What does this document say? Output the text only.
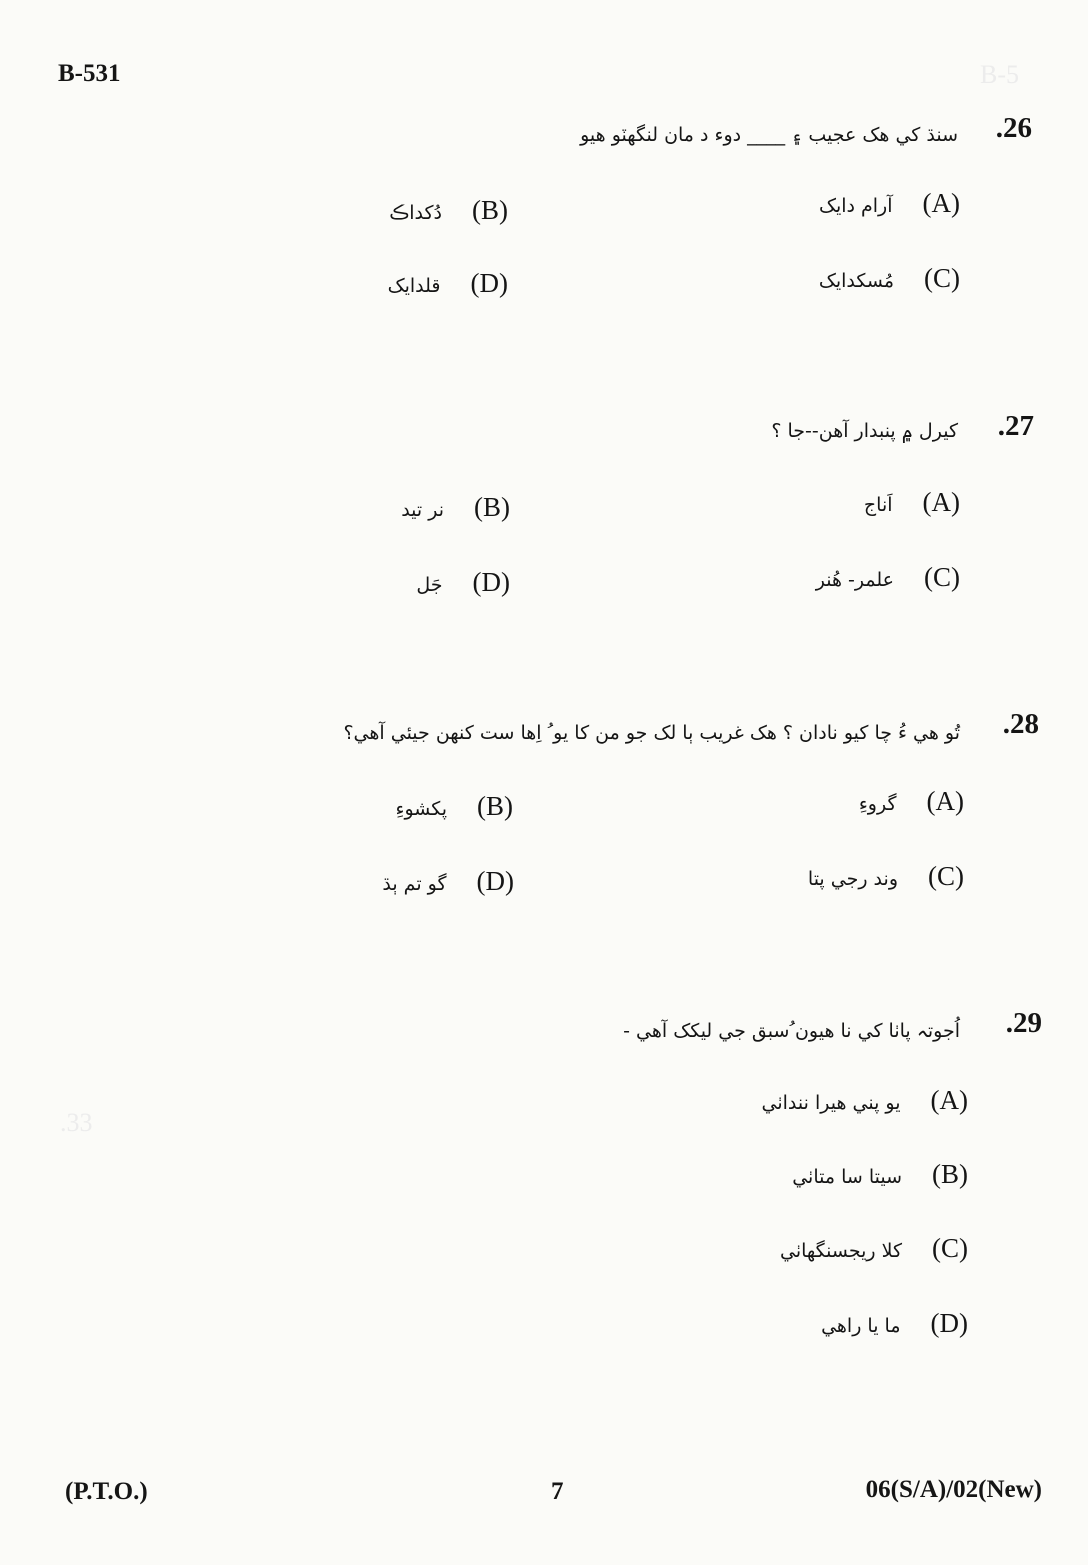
B-5
.33
B-531
.26
سنڌ کي هک عجيب ۽ ____ دوء د مان لنگهٽو هيو
(A)
آرام دايک
(B)
دُکداڪ
(C)
مُسکدايک
(D)
قلدايک
.27
کيرل ۾ پنبدار آهن--جا ؟
(A)
اَناج
(B)
نر تيد
(C)
علمر- هُنر
(D)
جَل
.28
تُو هي ءُ چا کيو نادان ؟ هک غريب ٻا لک جو من کا يو ُ اِها ست کنهن جيئي آهي؟
(A)
گروءِ
(B)
پکشوءِ
(C)
وند رجي پتا
(D)
گو تم ٻڌ
.29
اُجوتہ پاٺا کي نا هيون ُسبق جي ليکک آهي -
(A)
يو پني هيرا ننداٺي
(B)
سيتا سا متاٺي
(C)
کلا ريجسنگهاٺي
(D)
ما يا راهي
(P.T.O.)	7	06(S/A)/02(New)
